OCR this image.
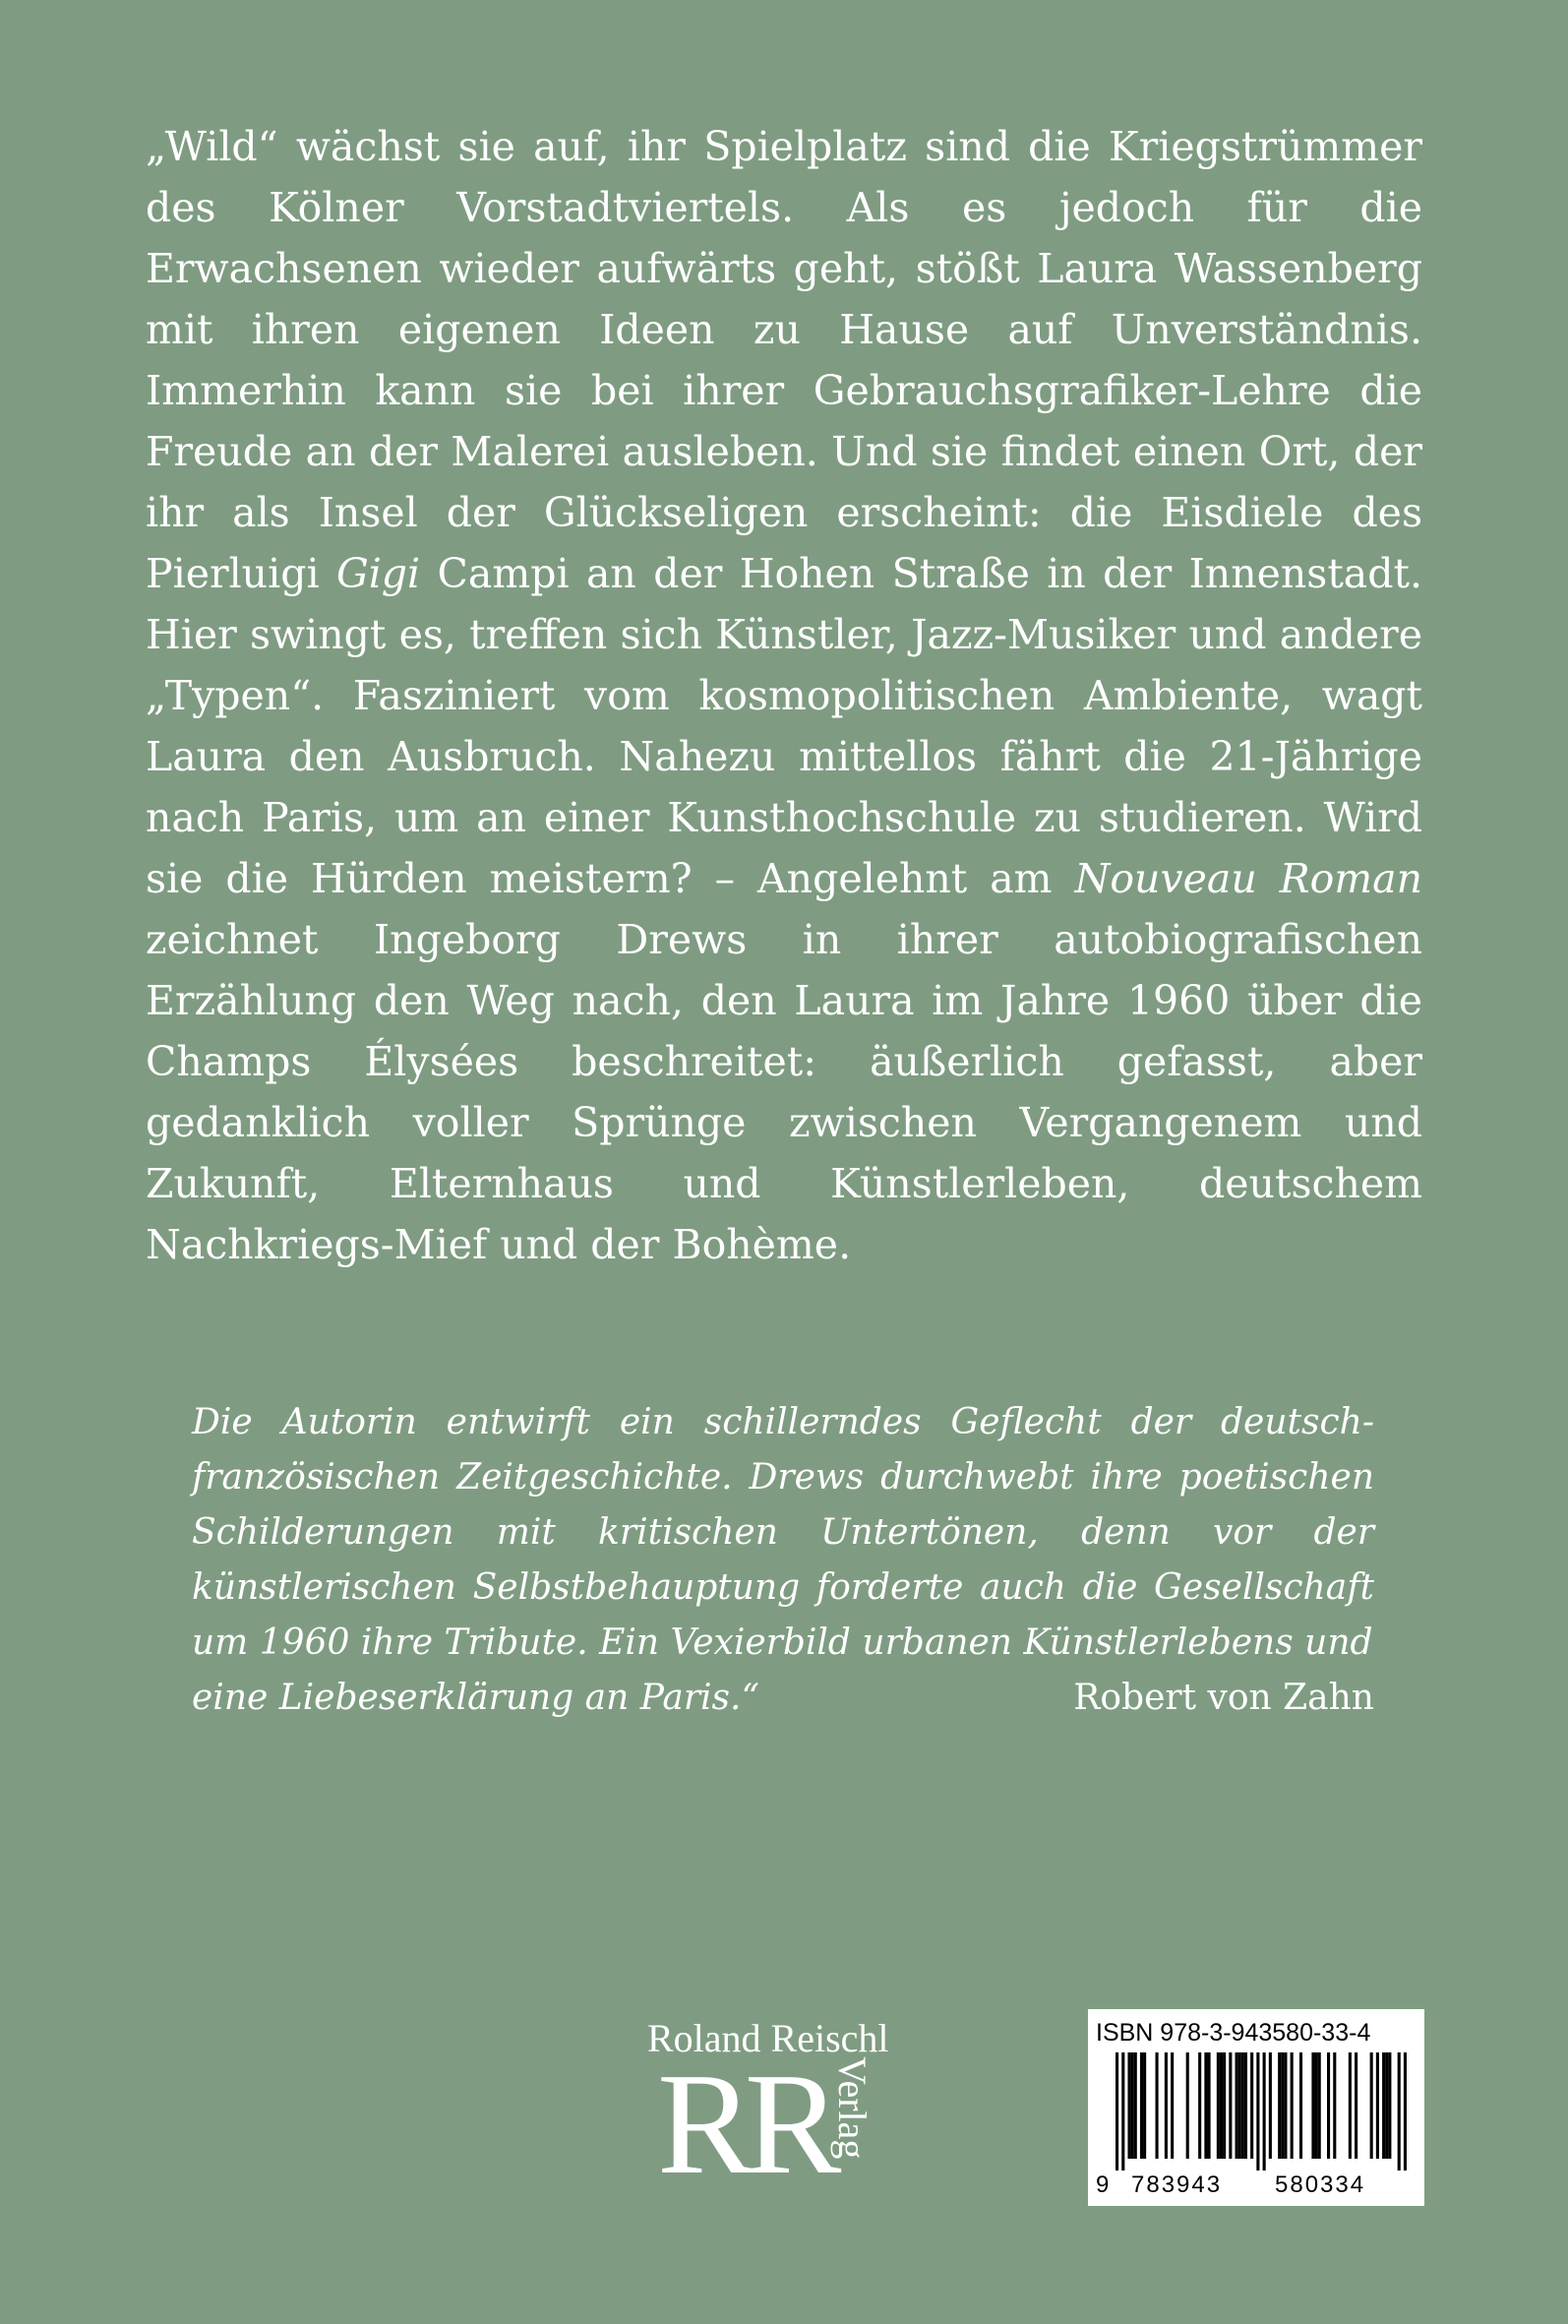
„Wild“ wächst sie auf, ihr Spielplatz sind die Kriegstrümmer des Kölner Vorstadtviertels. Als es jedoch für die Erwachsenen wieder aufwärts geht, stößt Laura Wassenberg mit ihren eigenen Ideen zu Hause auf Unverständnis. Immerhin kann sie bei ihrer Gebrauchsgrafiker-Lehre die Freude an der Malerei ausleben. Und sie findet einen Ort, der ihr als Insel der Glückseligen erscheint: die Eisdiele des Pierluigi Gigi Campi an der Hohen Straße in der Innenstadt. Hier swingt es, treffen sich Künstler, Jazz-Musiker und andere „Typen“. Fasziniert vom kosmopolitischen Ambiente, wagt Laura den Ausbruch. Nahezu mittellos fährt die 21-Jährige nach Paris, um an einer Kunsthochschule zu studieren. Wird sie die Hürden meistern? – Angelehnt am Nouveau Roman zeichnet Ingeborg Drews in ihrer autobiografischen Erzählung den Weg nach, den Laura im Jahre 1960 über die Champs Élysées beschreitet: äußerlich gefasst, aber gedanklich voller Sprünge zwischen Vergangenem und Zukunft, Elternhaus und Künstlerleben, deutschem Nachkriegs-Mief und der Bohème.
Die Autorin entwirft ein schillerndes Geflecht der deutsch-französischen Zeitgeschichte. Drews durchwebt ihre poetischen Schilderungen mit kritischen Untertönen, denn vor der künstlerischen Selbstbehauptung forderte auch die Gesellschaft um 1960 ihre Tribute. Ein Vexierbild urbanen Künstlerlebens und
eine Liebeserklärung an Paris.“	Robert von Zahn
Roland Reischl
RR
Verlag
ISBN 978-3-943580-33-4
9 783943 580334
